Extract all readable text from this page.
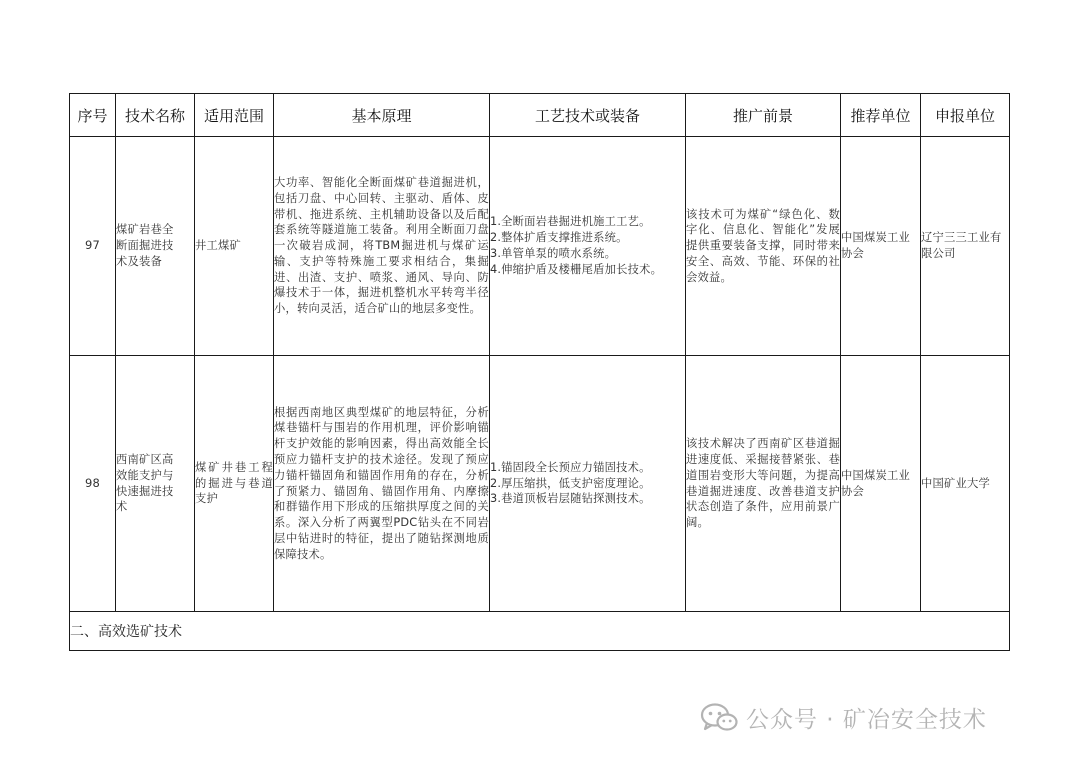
序号	技术名称	适用范围	基本原理	工艺技术或装备	推广前景	推荐单位	申报单位
97	煤矿岩巷全
断面掘进技
术及装备	井工煤矿	大功率、智能化全断面煤矿巷道掘进机，包括刀盘、中心回转、主驱动、盾体、皮带机、拖进系统、主机辅助设备以及后配套系统等隧道施工装备。利用全断面刀盘一次破岩成洞，将TBM掘进机与煤矿运输、支护等特殊施工要求相结合，集掘进、出渣、支护、喷浆、通风、导向、防爆技术于一体，掘进机整机水平转弯半径小，转向灵活，适合矿山的地层多变性。	1.全断面岩巷掘进机施工工艺。
2.整体扩盾支撑推进系统。
3.单管单泵的喷水系统。
4.伸缩护盾及楼栅尾盾加长技术。	该技术可为煤矿“绿色化、数字化、信息化、智能化”发展提供重要装备支撑，同时带来安全、高效、节能、环保的社会效益。	中国煤炭工业协会	辽宁三三工业有限公司
98	西南矿区高
效能支护与
快速掘进技
术	煤矿井巷工程的掘进与巷道支护	根据西南地区典型煤矿的地层特征，分析煤巷锚杆与围岩的作用机理，评价影响锚杆支护效能的影响因素，得出高效能全长预应力锚杆支护的技术途径。发现了预应力锚杆锚固角和锚固作用角的存在，分析了预紧力、锚固角、锚固作用角、内摩擦和群锚作用下形成的压缩拱厚度之间的关系。深入分析了两翼型PDC钻头在不同岩层中钻进时的特征，提出了随钻探测地质保障技术。	1.锚固段全长预应力锚固技术。
2.厚压缩拱，低支护密度理论。
3.巷道顶板岩层随钻探测技术。	该技术解决了西南矿区巷道掘进速度低、采掘接替紧张、巷道围岩变形大等问题，为提高巷道掘进速度、改善巷道支护状态创造了条件，应用前景广阔。	中国煤炭工业协会	中国矿业大学
二、高效选矿技术							
公众号 · 矿冶安全技术
